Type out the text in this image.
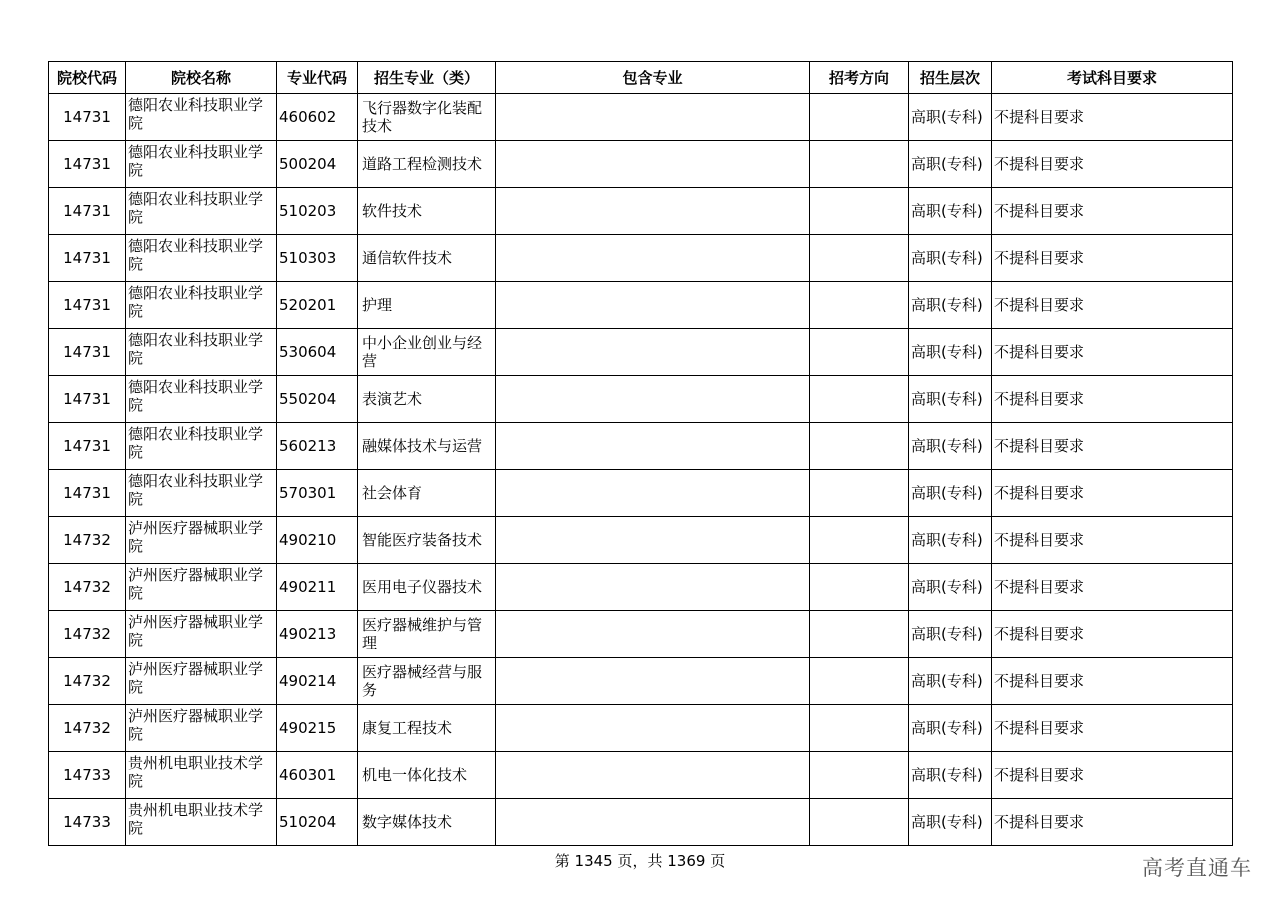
院校代码	院校名称	专业代码	招生专业（类）	包含专业	招考方向	招生层次	考试科目要求
14731	德阳农业科技职业学院	460602	飞行器数字化装配技术			高职(专科)	不提科目要求
14731	德阳农业科技职业学院	500204	道路工程检测技术			高职(专科)	不提科目要求
14731	德阳农业科技职业学院	510203	软件技术			高职(专科)	不提科目要求
14731	德阳农业科技职业学院	510303	通信软件技术			高职(专科)	不提科目要求
14731	德阳农业科技职业学院	520201	护理			高职(专科)	不提科目要求
14731	德阳农业科技职业学院	530604	中小企业创业与经营			高职(专科)	不提科目要求
14731	德阳农业科技职业学院	550204	表演艺术			高职(专科)	不提科目要求
14731	德阳农业科技职业学院	560213	融媒体技术与运营			高职(专科)	不提科目要求
14731	德阳农业科技职业学院	570301	社会体育			高职(专科)	不提科目要求
14732	泸州医疗器械职业学院	490210	智能医疗装备技术			高职(专科)	不提科目要求
14732	泸州医疗器械职业学院	490211	医用电子仪器技术			高职(专科)	不提科目要求
14732	泸州医疗器械职业学院	490213	医疗器械维护与管理			高职(专科)	不提科目要求
14732	泸州医疗器械职业学院	490214	医疗器械经营与服务			高职(专科)	不提科目要求
14732	泸州医疗器械职业学院	490215	康复工程技术			高职(专科)	不提科目要求
14733	贵州机电职业技术学院	460301	机电一体化技术			高职(专科)	不提科目要求
14733	贵州机电职业技术学院	510204	数字媒体技术			高职(专科)	不提科目要求
第 1345 页，共 1369 页	高考直通车
